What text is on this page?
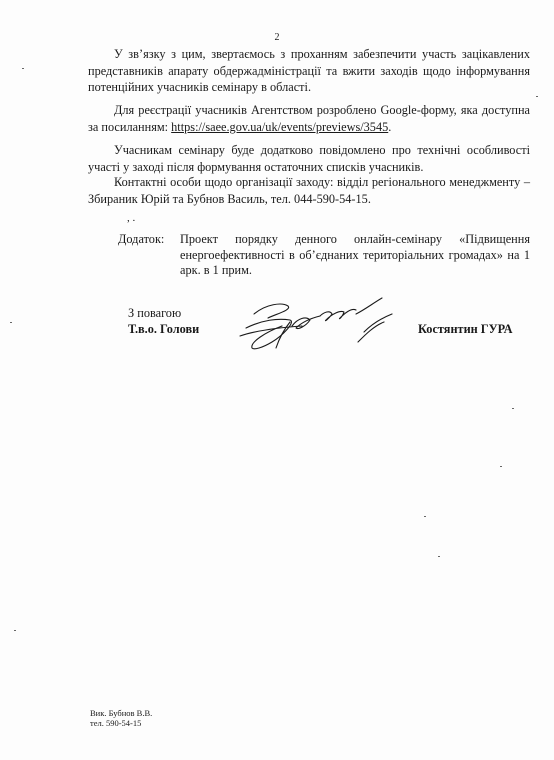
2

У зв’язку з цим, звертаємось з проханням забезпечити участь зацікавлених представників апарату обдержадміністрації та вжити заходів щодо інформування потенційних учасників семінару в області.

Для реєстрації учасників Агентством розроблено Google-форму, яка доступна за посиланням: https://saee.gov.ua/uk/events/previews/3545.

Учасникам семінару буде додатково повідомлено про технічні особливості участі у заході після формування остаточних списків учасників.

Контактні особи щодо організації заходу: відділ регіонального менеджменту – Збираник Юрій та Бубнов Василь, тел. 044-590-54-15.

, .
Додаток: Проект порядку денного онлайн-семінару «Підвищення енергоефективності в об’єднаних територіальних громадах» на 1 арк. в 1 прим.

З повагою
Т.в.о. Голови	Костянтин ГУРА
Вик. Бубнов В.В.
тел. 590-54-15
